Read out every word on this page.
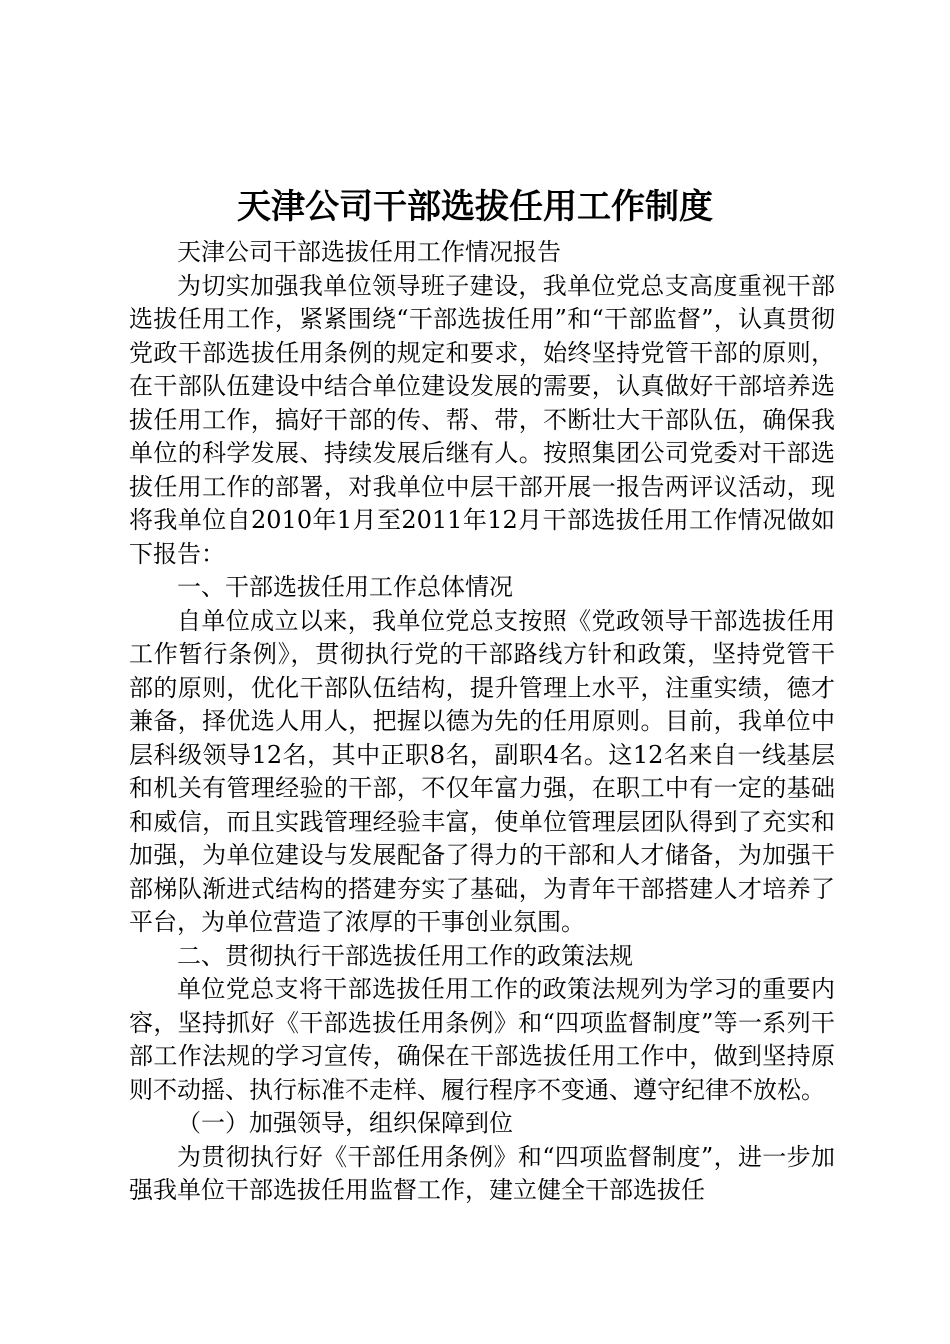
天津公司干部选拔任用工作制度

天津公司干部选拔任用工作情况报告

为切实加强我单位领导班子建设，我单位党总支高度重视干部选拔任用工作，紧紧围绕“干部选拔任用”和“干部监督”，认真贯彻党政干部选拔任用条例的规定和要求，始终坚持党管干部的原则，在干部队伍建设中结合单位建设发展的需要，认真做好干部培养选拔任用工作，搞好干部的传、帮、带，不断壮大干部队伍，确保我单位的科学发展、持续发展后继有人。按照集团公司党委对干部选拔任用工作的部署，对我单位中层干部开展一报告两评议活动，现将我单位自2010年1月至2011年12月干部选拔任用工作情况做如下报告：

一、干部选拔任用工作总体情况

自单位成立以来，我单位党总支按照《党政领导干部选拔任用工作暂行条例》，贯彻执行党的干部路线方针和政策，坚持党管干部的原则，优化干部队伍结构，提升管理上水平，注重实绩，德才兼备，择优选人用人，把握以德为先的任用原则。目前，我单位中层科级领导12名，其中正职8名，副职4名。这12名来自一线基层和机关有管理经验的干部，不仅年富力强，在职工中有一定的基础和威信，而且实践管理经验丰富，使单位管理层团队得到了充实和加强，为单位建设与发展配备了得力的干部和人才储备，为加强干部梯队渐进式结构的搭建夯实了基础，为青年干部搭建人才培养了平台，为单位营造了浓厚的干事创业氛围。

二、贯彻执行干部选拔任用工作的政策法规

单位党总支将干部选拔任用工作的政策法规列为学习的重要内容，坚持抓好《干部选拔任用条例》和“四项监督制度”等一系列干部工作法规的学习宣传，确保在干部选拔任用工作中，做到坚持原则不动摇、执行标准不走样、履行程序不变通、遵守纪律不放松。

（一）加强领导，组织保障到位

为贯彻执行好《干部任用条例》和“四项监督制度”，进一步加强我单位干部选拔任用监督工作，建立健全干部选拔任
